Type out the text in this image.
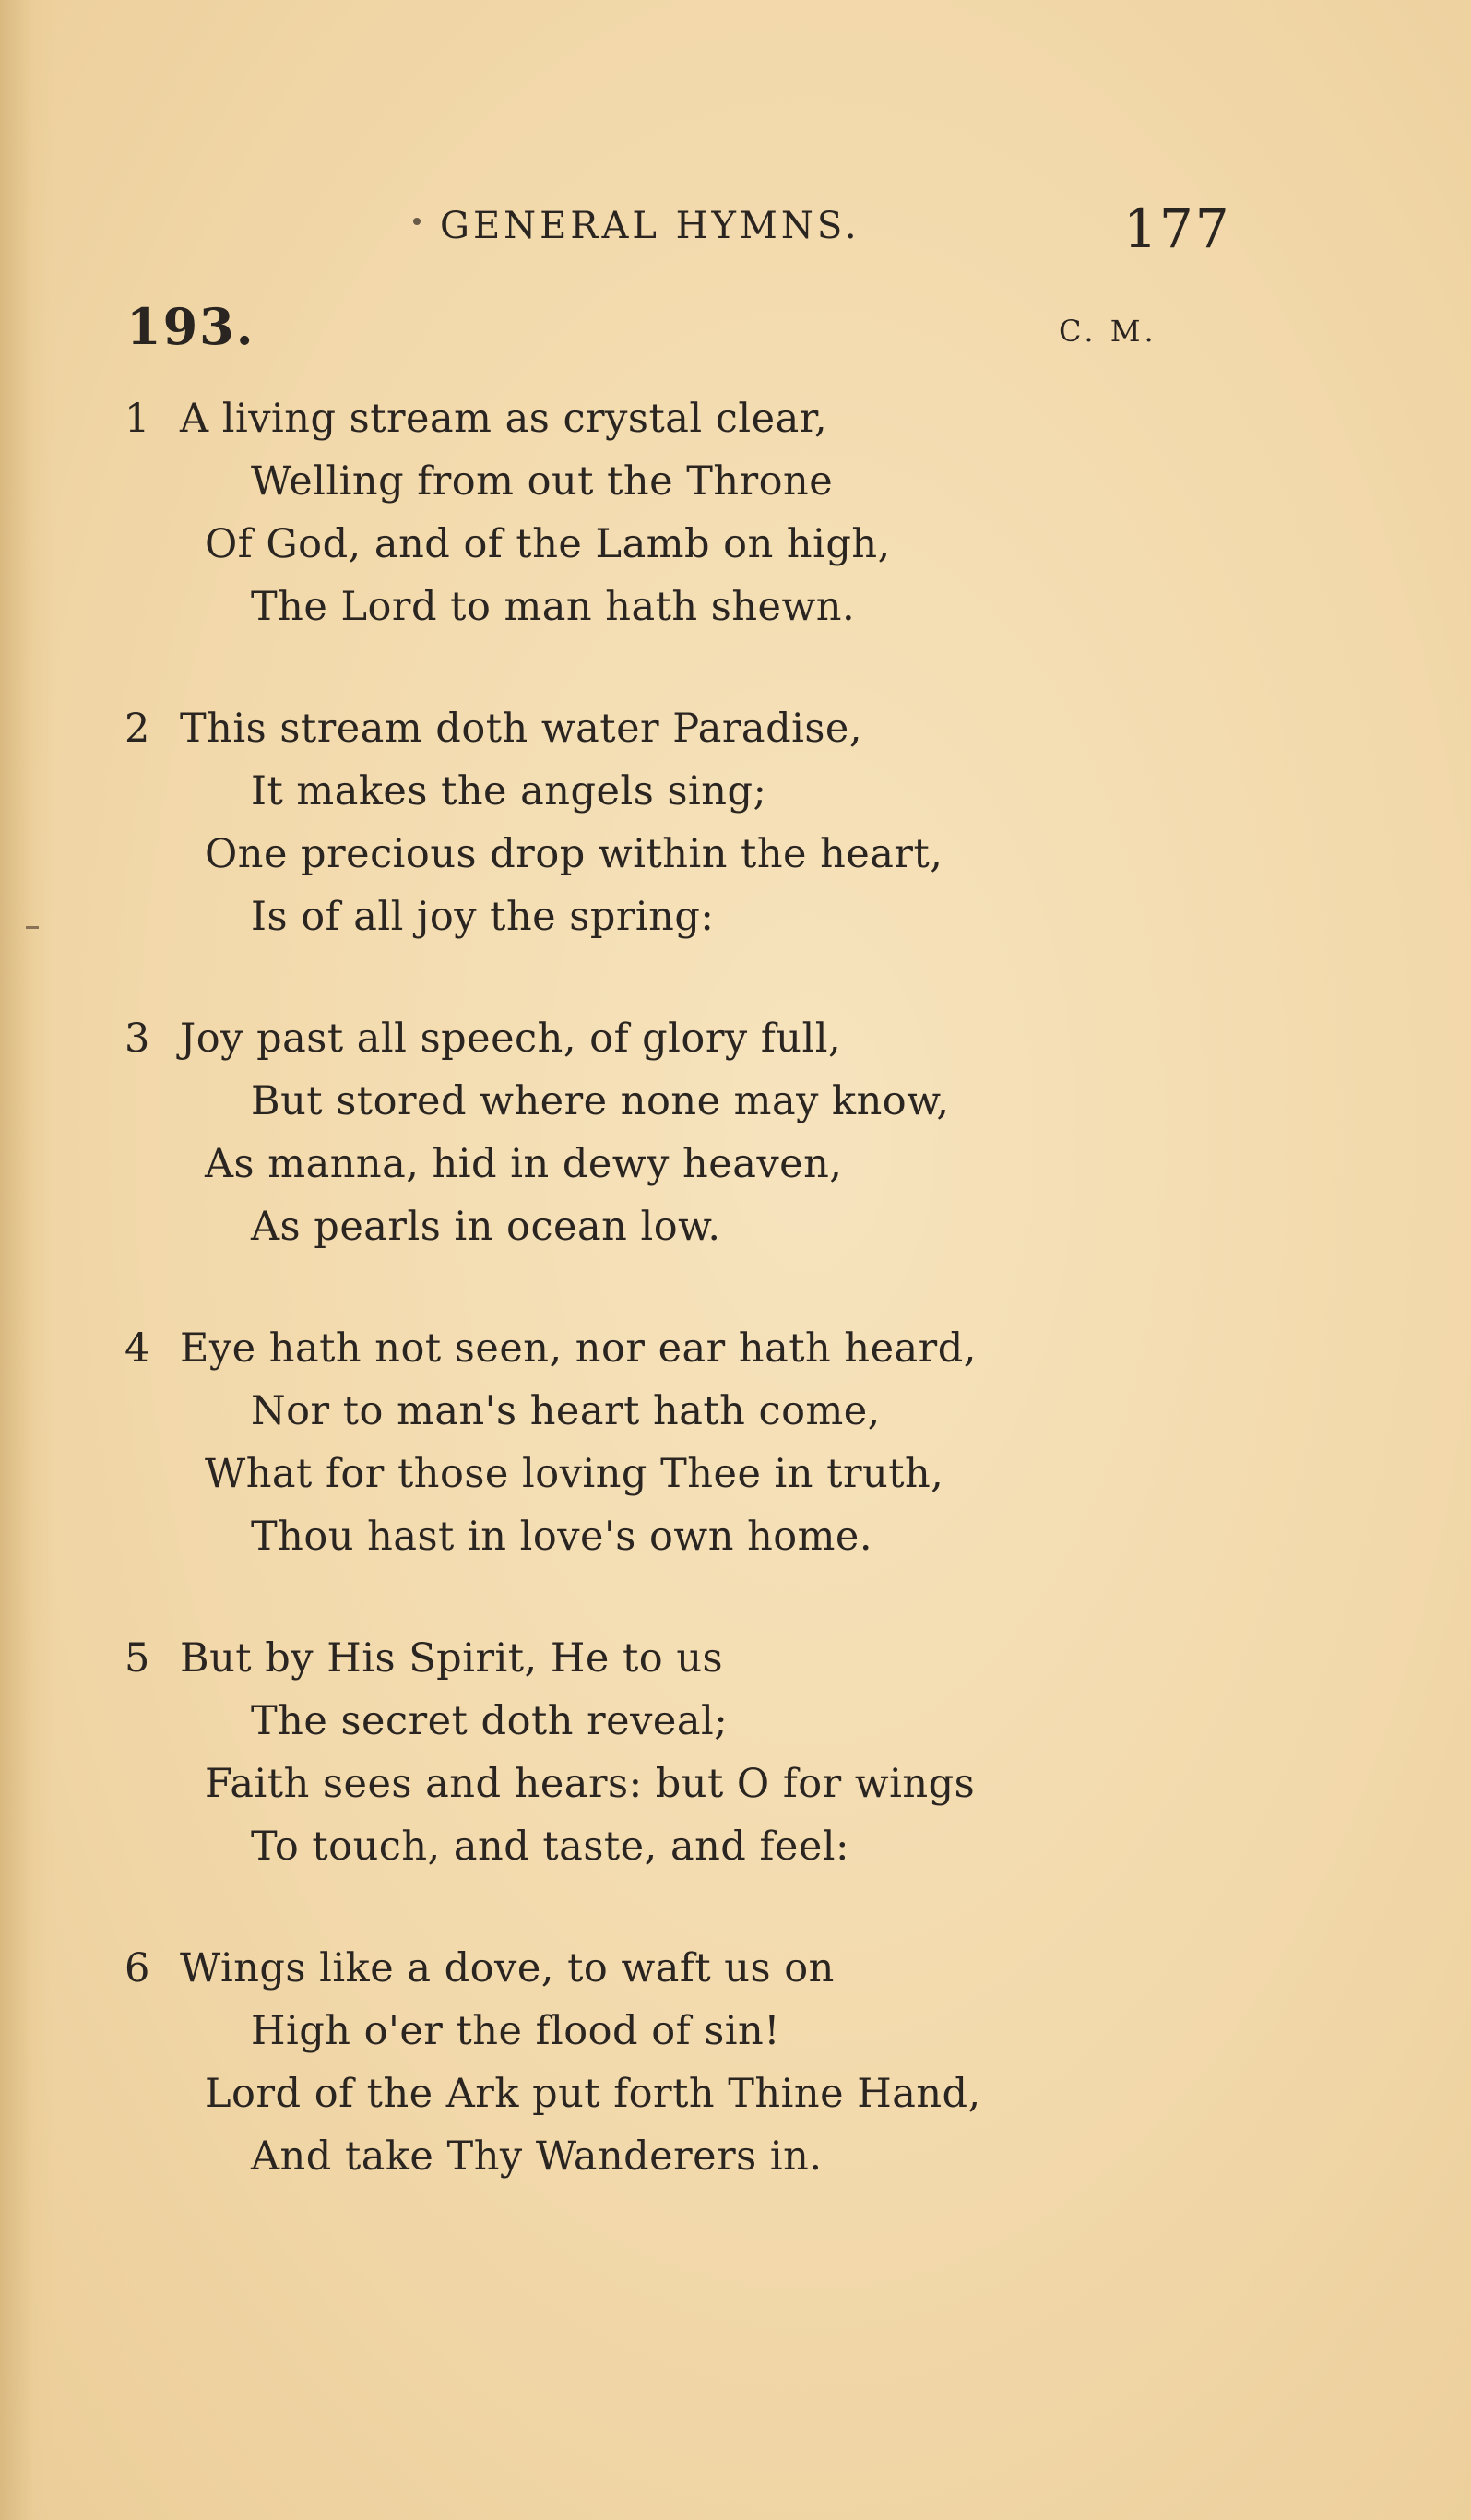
GENERAL HYMNS.	177
193.	C. M.
1 A living stream as crystal clear,
Welling from out the Throne
Of God, and of the Lamb on high,
The Lord to man hath shewn.
2 This stream doth water Paradise,
It makes the angels sing;
One precious drop within the heart,
Is of all joy the spring:
3 Joy past all speech, of glory full,
But stored where none may know,
As manna, hid in dewy heaven,
As pearls in ocean low.
4 Eye hath not seen, nor ear hath heard,
Nor to man's heart hath come,
What for those loving Thee in truth,
Thou hast in love's own home.
5 But by His Spirit, He to us
The secret doth reveal;
Faith sees and hears: but O for wings
To touch, and taste, and feel:
6 Wings like a dove, to waft us on
High o'er the flood of sin!
Lord of the Ark put forth Thine Hand,
And take Thy Wanderers in.
